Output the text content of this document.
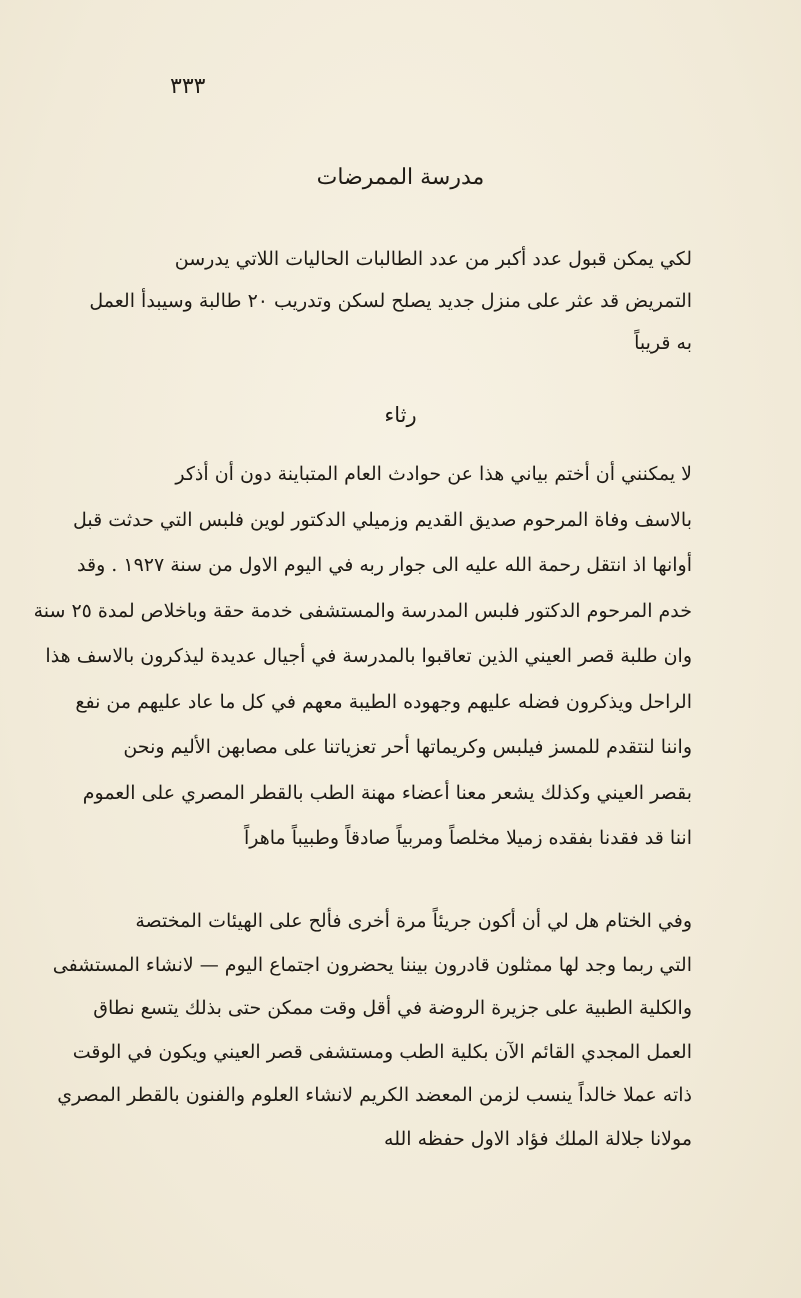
٣٣٣
مدرسة الممرضات

لكي يمكن قبول عدد أكبر من عدد الطالبات الحاليات اللاتي يدرسن

التمريض قد عثر على منزل جديد يصلح لسكن وتدريب ٢٠ طالبة وسيبدأ العمل

به قريباً

رثاء

لا يمكنني أن أختم بياني هذا عن حوادث العام المتباينة دون أن أذكر

بالاسف وفاة المرحوم صديق القديم وزميلي الدكتور لوين فلبس التي حدثت قبل

أوانها اذ انتقل رحمة الله عليه الى جوار ربه في اليوم الاول من سنة ١٩٢٧ . وقد

خدم المرحوم الدكتور فلبس المدرسة والمستشفى خدمة حقة وباخلاص لمدة ٢٥ سنة

وان طلبة قصر العيني الذين تعاقبوا بالمدرسة في أجيال عديدة ليذكرون بالاسف هذا

الراحل ويذكرون فضله عليهم وجهوده الطيبة معهم في كل ما عاد عليهم من نفع

واننا لنتقدم للمسز فيلبس وكريماتها أحر تعزياتنا على مصابهن الأليم ونحن

بقصر العيني وكذلك يشعر معنا أعضاء مهنة الطب بالقطر المصري على العموم

اننا قد فقدنا بفقده زميلا مخلصاً ومربياً صادقاً وطبيباً ماهراً

وفي الختام هل لي أن أكون جريئاً مرة أخرى فألح على الهيئات المختصة

التي ربما وجد لها ممثلون قادرون بيننا يحضرون اجتماع اليوم — لانشاء المستشفى

والكلية الطبية على جزيرة الروضة في أقل وقت ممكن حتى بذلك يتسع نطاق

العمل المجدي القائم الآن بكلية الطب ومستشفى قصر العيني ويكون في الوقت

ذاته عملا خالداً ينسب لزمن المعضد الكريم لانشاء العلوم والفنون بالقطر المصري

مولانا جلالة الملك فؤاد الاول حفظه الله
